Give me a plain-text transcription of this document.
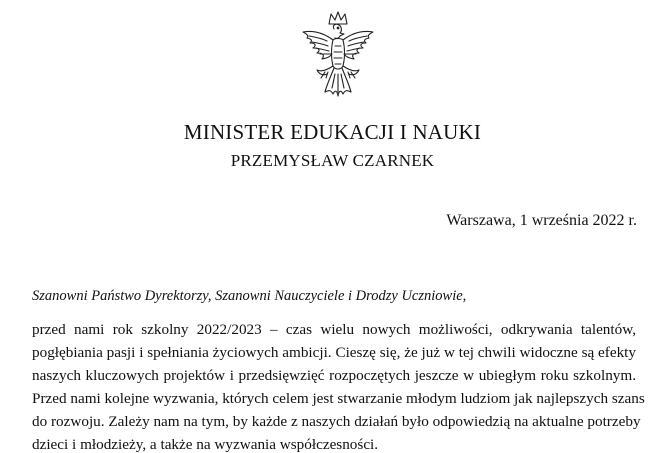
MINISTER EDUKACJI I NAUKI
PRZEMYSŁAW CZARNEK
Warszawa, 1 września 2022 r.
Szanowni Państwo Dyrektorzy, Szanowni Nauczyciele i Drodzy Uczniowie,
przed nami rok szkolny 2022/2023 – czas wielu nowych możliwości, odkrywania talentów,
pogłębiania pasji i spełniania życiowych ambicji. Cieszę się, że już w tej chwili widoczne są efekty
naszych kluczowych projektów i przedsięwzięć rozpoczętych jeszcze w ubiegłym roku szkolnym.
Przed nami kolejne wyzwania, których celem jest stwarzanie młodym ludziom jak najlepszych szans
do rozwoju. Zależy nam na tym, by każde z naszych działań było odpowiedzią na aktualne potrzeby
dzieci i młodzieży, a także na wyzwania współczesności.
